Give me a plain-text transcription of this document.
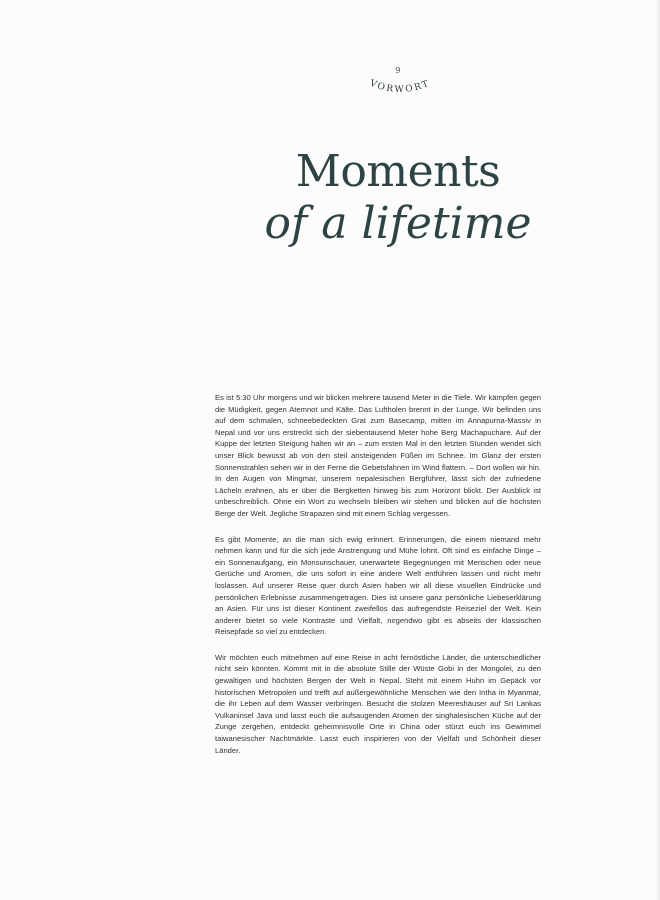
9
VORWORT
Moments
of a lifetime

Es ist 5:30 Uhr morgens und wir blicken mehrere tausend Meter in die Tiefe. Wir kämpfen gegen die Müdigkeit, gegen Atemnot und Kälte. Das Luftholen brennt in der Lunge. Wir befinden uns auf dem schmalen, schneebedeckten Grat zum Basecamp, mitten im Annapurna-Massiv in Nepal und vor uns erstreckt sich der siebentausend Meter hohe Berg Machapuchare. Auf der Kuppe der letzten Steigung halten wir an – zum ersten Mal in den letzten Stunden wendet sich unser Blick bewusst ab von den steil ansteigenden Füßen im Schnee. Im Glanz der ersten Sonnenstrahlen sehen wir in der Ferne die Gebetsfahnen im Wind flattern. – Dort wollen wir hin. In den Augen von Mingmar, unserem nepalesischen Bergführer, lässt sich der zufriedene Lächeln erahnen, als er über die Bergketten hinweg bis zum Horizont blickt. Der Ausblick ist unbeschreiblich. Ohne ein Wort zu wechseln bleiben wir stehen und blicken auf die höchsten Berge der Welt. Jegliche Strapazen sind mit einem Schlag vergessen.

Es gibt Momente, an die man sich ewig erinnert. Erinnerungen, die einem niemand mehr nehmen kann und für die sich jede Anstrengung und Mühe lohnt. Oft sind es einfache Dinge – ein Sonnenaufgang, ein Monsunschauer, unerwartete Begegnungen mit Menschen oder neue Gerüche und Aromen, die uns sofort in eine andere Welt entführen lassen und nicht mehr loslassen. Auf unserer Reise quer durch Asien haben wir all diese visuellen Eindrücke und persönlichen Erlebnisse zusammengetragen. Dies ist unsere ganz persönliche Liebeserklärung an Asien. Für uns ist dieser Kontinent zweifellos das aufregendste Reiseziel der Welt. Kein anderer bietet so viele Kontraste und Vielfalt, nirgendwo gibt es abseits der klassischen Reisepfade so viel zu entdecken.

Wir möchten euch mitnehmen auf eine Reise in acht fernöstliche Länder, die unterschiedlicher nicht sein könnten. Kommt mit in die absolute Stille der Wüste Gobi in der Mongolei, zu den gewaltigen und höchsten Bergen der Welt in Nepal. Steht mit einem Huhn im Gepäck vor historischen Metropolen und trefft auf außergewöhnliche Menschen wie den Intha in Myanmar, die ihr Leben auf dem Wasser verbringen. Besucht die stolzen Meereshäuser auf Sri Lankas Vulkaninsel Java und lasst euch die aufsaugenden Aromen der singhalesischen Küche auf der Zunge zergehen, entdeckt geheimnisvolle Orte in China oder stürzt euch ins Gewimmel taiwanesischer Nachtmärkte. Lasst euch inspirieren von der Vielfalt und Schönheit dieser Länder.
